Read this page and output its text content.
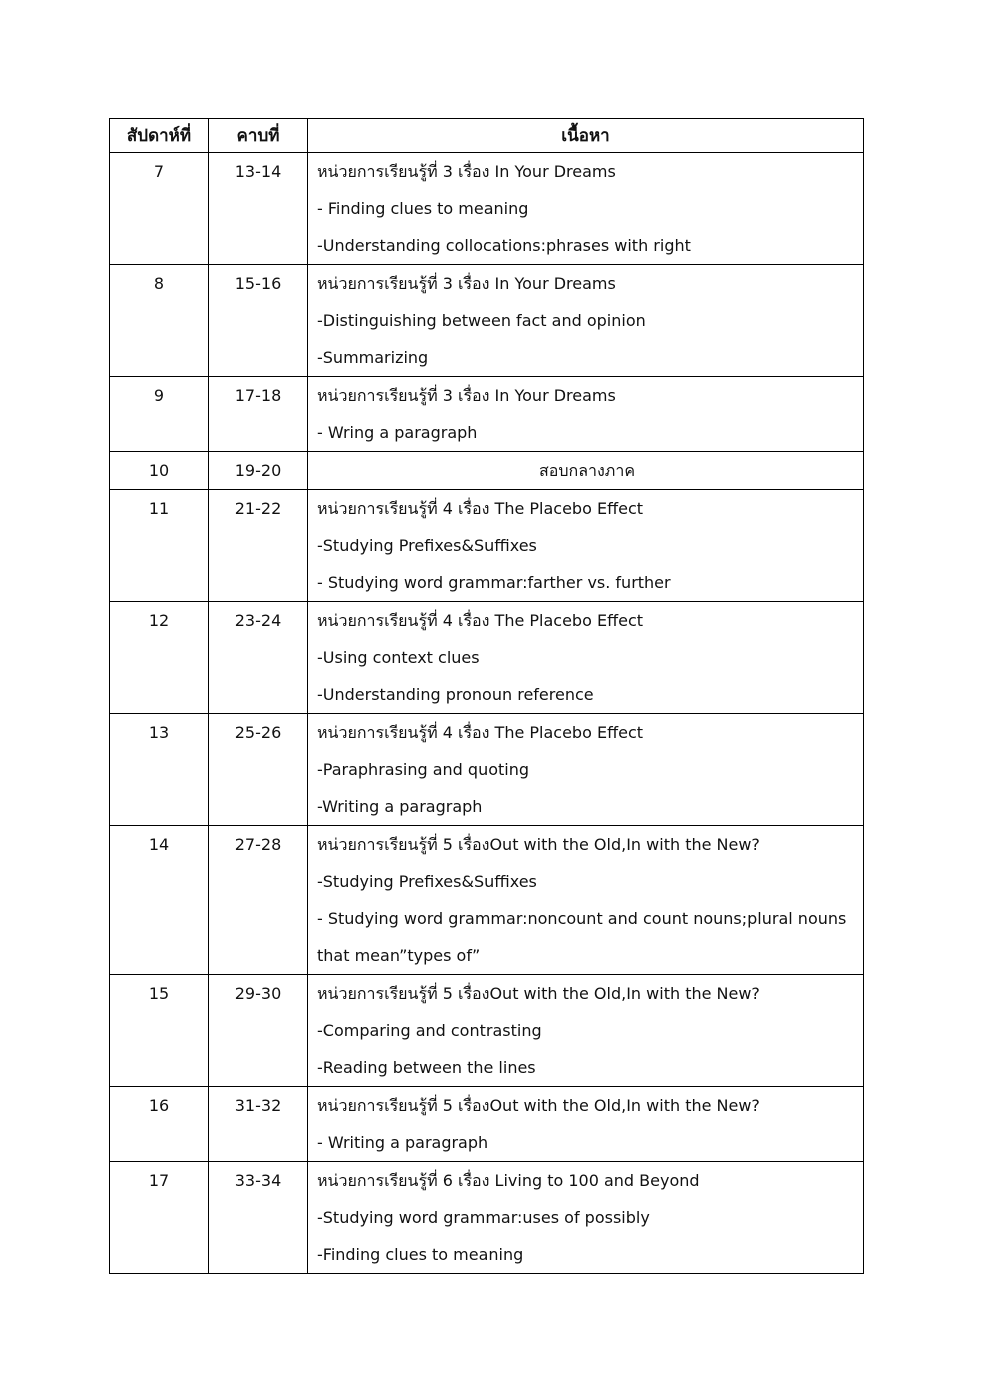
สัปดาห์ที่	คาบที่	เนื้อหา
7	13-14	หน่วยการเรียนรู้ที่ 3 เรื่อง In Your Dreams
- Finding clues to meaning
-Understanding collocations:phrases with right

8	15-16	หน่วยการเรียนรู้ที่ 3 เรื่อง In Your Dreams
-Distinguishing between fact and opinion
-Summarizing

9	17-18	หน่วยการเรียนรู้ที่ 3 เรื่อง In Your Dreams
- Wring a paragraph

10	19-20	สอบกลางภาค

11	21-22	หน่วยการเรียนรู้ที่ 4 เรื่อง The Placebo Effect
-Studying Prefixes&Suffixes
- Studying word grammar:farther vs. further

12	23-24	หน่วยการเรียนรู้ที่ 4 เรื่อง The Placebo Effect
-Using context clues
-Understanding pronoun reference

13	25-26	หน่วยการเรียนรู้ที่ 4 เรื่อง The Placebo Effect
-Paraphrasing and quoting
-Writing a paragraph

14	27-28	หน่วยการเรียนรู้ที่ 5 เรื่องOut with the Old,In with the New?
-Studying Prefixes&Suffixes
- Studying word grammar:noncount and count nouns;plural nouns
that mean”types of”

15	29-30	หน่วยการเรียนรู้ที่ 5 เรื่องOut with the Old,In with the New?
-Comparing and contrasting
-Reading between the lines

16	31-32	หน่วยการเรียนรู้ที่ 5 เรื่องOut with the Old,In with the New?
- Writing a paragraph

17	33-34	หน่วยการเรียนรู้ที่ 6 เรื่อง Living to 100 and Beyond
-Studying word grammar:uses of possibly
-Finding clues to meaning
